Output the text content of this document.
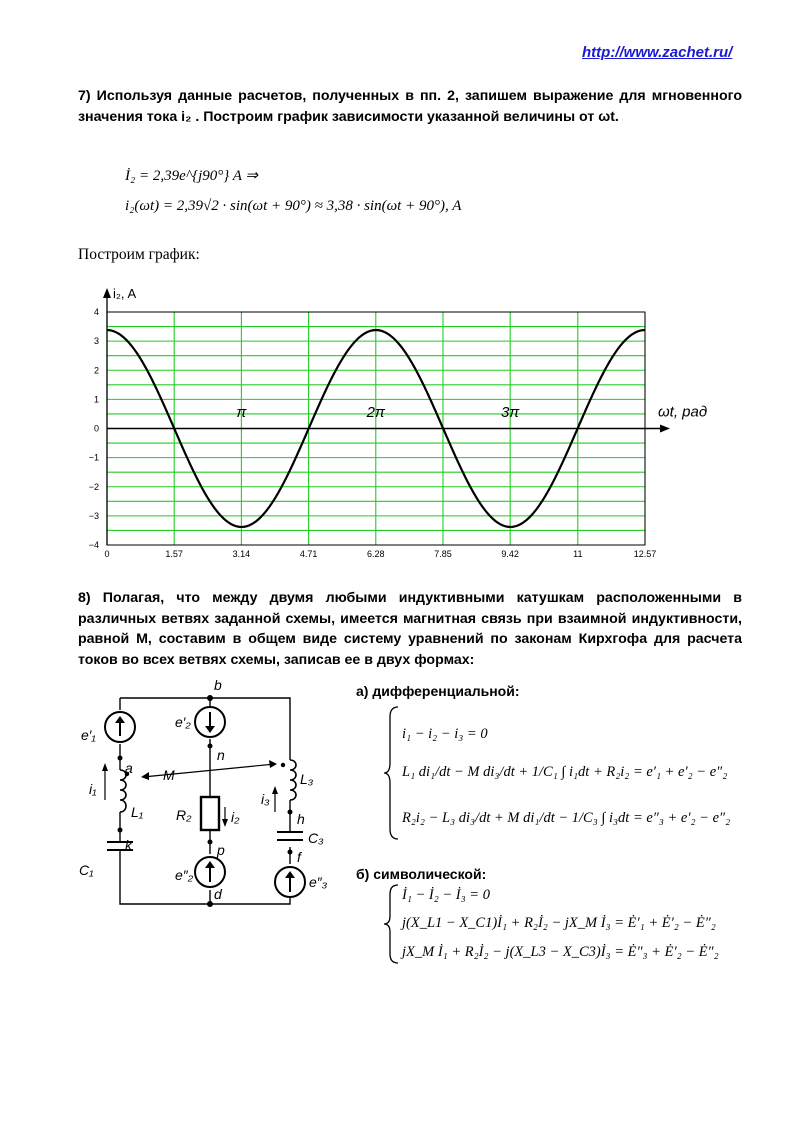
http://www.zachet.ru/
7) Используя данные расчетов, полученных в пп. 2, запишем выражение для мгновенного значения тока i₂ . Построим график зависимости указанной величины от ωt.
İ₂ = 2,39e^{j90°} A ⇒
i₂(ωt) = 2,39√2 · sin(ωt + 90°) ≈ 3,38 · sin(ωt + 90°), A
Построим график:
i₂, A
ωt, рад
4
3
2
1
0
−1
−2
−3
−4
0	1.57	3.14	4.71	6.28	7.85	9.42	11	12.57
π	2π	3π
8) Полагая, что между двумя любыми индуктивными катушкам расположенными в различных ветвях заданной схемы, имеется магнитная связь при взаимной индуктивности, равной M, составим в общем виде систему уравнений по законам Кирхгофа для расчета токов во всех ветвях схемы, записав ее в двух формах:
b
n
a
k	p
h
f
d
e′₁
e′₂
e″₂	e″₃
i₁
i₂
i₃
L₁
L₃
R₂
C₁
C₃
M
а) дифференциальной:
i₁ − i₂ − i₃ = 0
L₁ di₁/dt − M di₃/dt + 1/C₁ ∫ i₁dt + R₂i₂ = e′₁ + e′₂ − e″₂
R₂i₂ − L₃ di₃/dt + M di₁/dt − 1/C₃ ∫ i₃dt = e″₃ + e′₂ − e″₂
б) символической:
İ₁ − İ₂ − İ₃ = 0
j(X_L1 − X_C1)İ₁ + R₂İ₂ − jX_M İ₃ = Ė′₁ + Ė′₂ − Ė″₂
jX_M İ₁ + R₂İ₂ − j(X_L3 − X_C3)İ₃ = Ė″₃ + Ė′₂ − Ė″₂
